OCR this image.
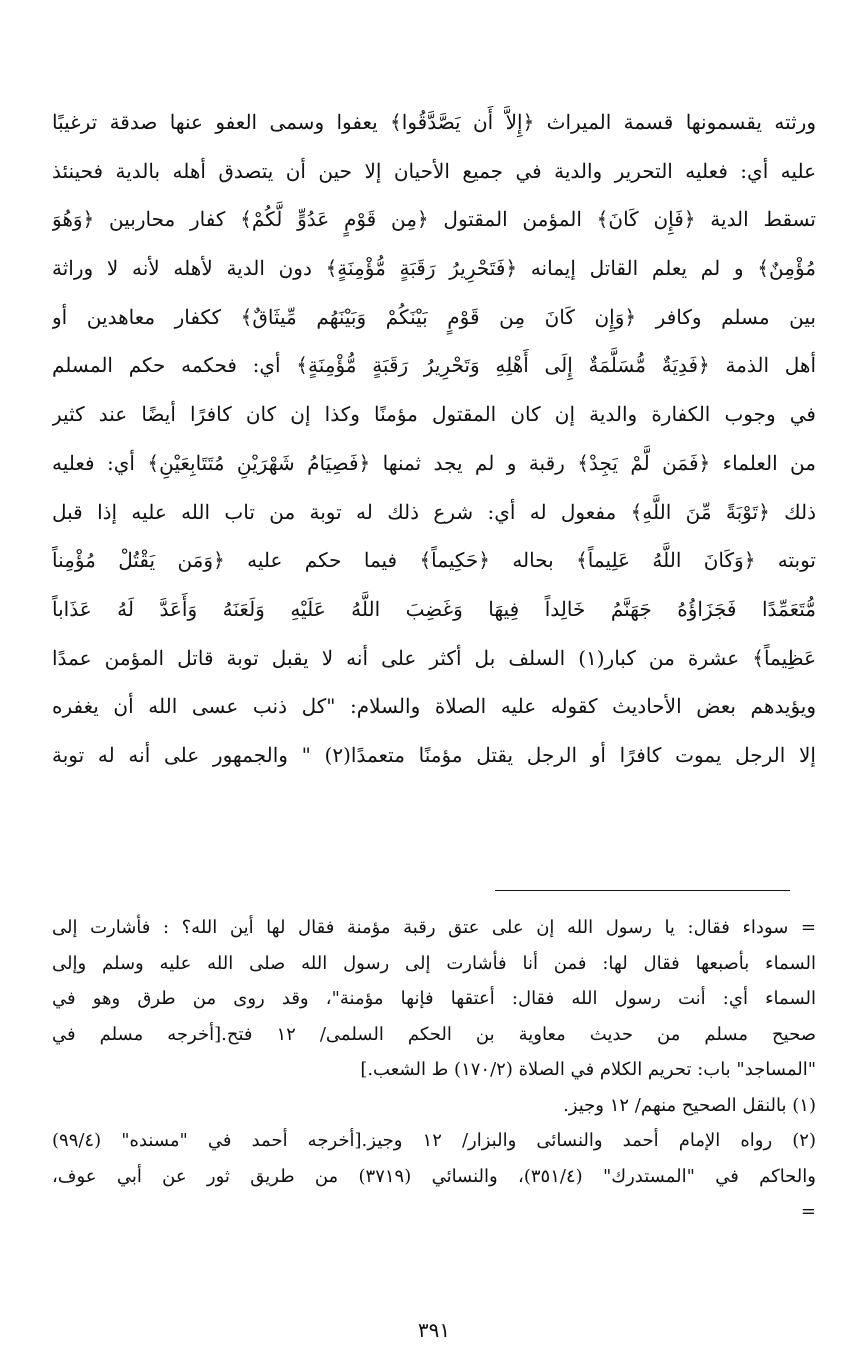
ورثته يقسمونها قسمة الميراث ﴿إِلاَّ أَن يَصَّدَّقُوا﴾ يعفوا وسمى العفو عنها صدقة ترغيبًا
عليه أي: فعليه التحرير والدية في جميع الأحيان إلا حين أن يتصدق أهله بالدية فحينئذ
تسقط الدية ﴿فَإِن كَانَ﴾ المؤمن المقتول ﴿مِن قَوْمٍ عَدُوٍّ لَّكُمْ﴾ كفار محاربين ﴿وَهُوَ
مُؤْمِنٌ﴾ و لم يعلم القاتل إيمانه ﴿فَتَحْرِيرُ رَقَبَةٍ مُّؤْمِنَةٍ﴾ دون الدية لأهله لأنه لا وراثة
بين مسلم وكافر ﴿وَإِن كَانَ مِن قَوْمٍ بَيْنَكُمْ وَبَيْنَهُم مِّيثَاقٌ﴾ ككفار معاهدين أو
أهل الذمة ﴿فَدِيَةٌ مُّسَلَّمَةٌ إِلَى أَهْلِهِ وَتَحْرِيرُ رَقَبَةٍ مُّؤْمِنَةٍ﴾ أي: فحكمه حكم المسلم
في وجوب الكفارة والدية إن كان المقتول مؤمنًا وكذا إن كان كافرًا أيضًا عند كثير
من العلماء ﴿فَمَن لَّمْ يَجِدْ﴾ رقبة و لم يجد ثمنها ﴿فَصِيَامُ شَهْرَيْنِ مُتَتَابِعَيْنِ﴾ أي: فعليه
ذلك ﴿تَوْبَةً مِّنَ اللَّهِ﴾ مفعول له أي: شرع ذلك له توبة من تاب الله عليه إذا قبل
توبته ﴿وَكَانَ اللَّهُ عَلِيماً﴾ بحاله ﴿حَكِيماً﴾ فيما حكم عليه ﴿وَمَن يَقْتُلْ مُؤْمِناً
مُّتَعَمِّدًا فَجَزَاؤُهُ جَهَنَّمُ خَالِداً فِيهَا وَغَضِبَ اللَّهُ عَلَيْهِ وَلَعَنَهُ وَأَعَدَّ لَهُ عَذَاباً
عَظِيماً﴾ عشرة من كبار(١) السلف بل أكثر على أنه لا يقبل توبة قاتل المؤمن عمدًا
ويؤيدهم بعض الأحاديث كقوله عليه الصلاة والسلام: "كل ذنب عسى الله أن يغفره
إلا الرجل يموت كافرًا أو الرجل يقتل مؤمنًا متعمدًا(٢) " والجمهور على أنه له توبة
= سوداء فقال: يا رسول الله إن على عتق رقبة مؤمنة فقال لها أين الله؟ : فأشارت إلى
السماء بأصبعها فقال لها: فمن أنا فأشارت إلى رسول الله صلى الله عليه وسلم وإلى
السماء أي: أنت رسول الله فقال: أعتقها فإنها مؤمنة"، وقد روى من طرق وهو في
صحيح مسلم من حديث معاوية بن الحكم السلمى/ ١٢ فتح.[أخرجه مسلم في
"المساجد" باب: تحريم الكلام في الصلاة (١٧٠/٢) ط الشعب.]
(١) بالنقل الصحيح منهم/ ١٢ وجيز.
(٢) رواه الإمام أحمد والنسائى والبزار/ ١٢ وجيز.[أخرجه أحمد في "مسنده" (٩٩/٤)
والحاكم في "المستدرك" (٣٥١/٤)، والنسائي (٣٧١٩) من طريق ثور عن أبي عوف،
=
٣٩١
